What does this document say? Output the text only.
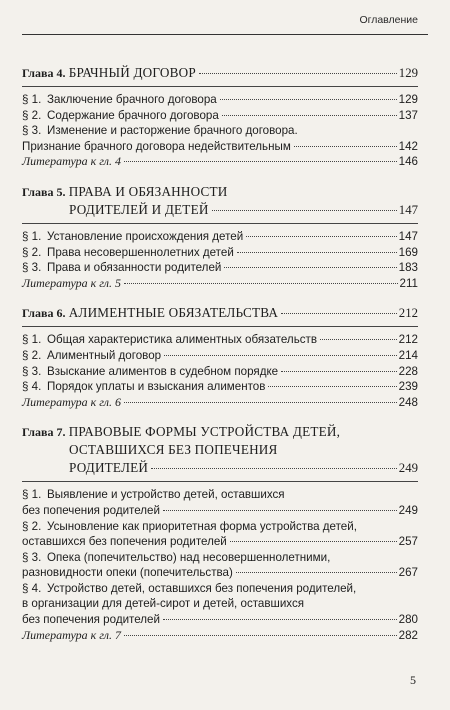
Оглавление
Глава 4. БРАЧНЫЙ ДОГОВОР	129
§ 1. Заключение брачного договора	129
§ 2. Содержание брачного договора	137
§ 3. Изменение и расторжение брачного договора.
Признание брачного договора недействительным	142
Литература к гл. 4	146
Глава 5. ПРАВА И ОБЯЗАННОСТИ
РОДИТЕЛЕЙ И ДЕТЕЙ	147
§ 1. Установление происхождения детей	147
§ 2. Права несовершеннолетних детей	169
§ 3. Права и обязанности родителей	183
Литература к гл. 5	211
Глава 6. АЛИМЕНТНЫЕ ОБЯЗАТЕЛЬСТВА	212
§ 1. Общая характеристика алиментных обязательств	212
§ 2. Алиментный договор	214
§ 3. Взыскание алиментов в судебном порядке	228
§ 4. Порядок уплаты и взыскания алиментов	239
Литература к гл. 6	248
Глава 7. ПРАВОВЫЕ ФОРМЫ УСТРОЙСТВА ДЕТЕЙ,
ОСТАВШИХСЯ БЕЗ ПОПЕЧЕНИЯ
РОДИТЕЛЕЙ	249
§ 1. Выявление и устройство детей, оставшихся
без попечения родителей	249
§ 2. Усыновление как приоритетная форма устройства детей,
оставшихся без попечения родителей	257
§ 3. Опека (попечительство) над несовершеннолетними,
разновидности опеки (попечительства)	267
§ 4. Устройство детей, оставшихся без попечения родителей,
в организации для детей-сирот и детей, оставшихся
без попечения родителей	280
Литература к гл. 7	282
5
